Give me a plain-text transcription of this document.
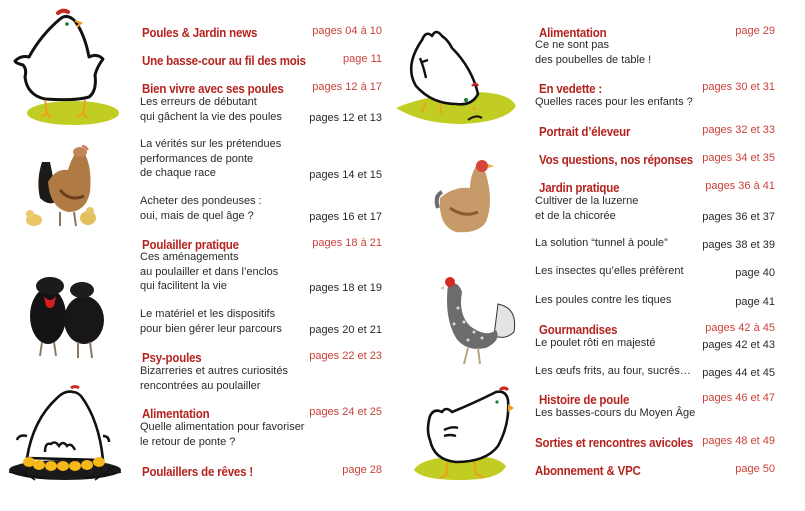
Poules & Jardin news	pages 04 à 10
Une basse-cour au fil des mois	page 11
Bien vivre avec ses poules	pages 12 à 17
Les erreurs de débutant
qui gâchent la vie des poules	pages 12 et 13
La vérités sur les prétendues
performances de ponte
de chaque race	pages 14 et 15
Acheter des pondeuses :
oui, mais de quel âge ?	pages 16 et 17
Poulailler pratique	pages 18 à 21
Ces aménagements
au poulailler et dans l’enclos
qui facilitent la vie	pages 18 et 19
Le matériel et les dispositifs
pour bien gérer leur parcours	pages 20 et 21
Psy-poules	pages 22 et 23
Bizarreries et autres curiosités
rencontrées au poulailler
Alimentation	pages 24 et 25
Quelle alimentation pour favoriser
le retour de ponte ?
Poulaillers de rêves !	page 28
Alimentation	page 29
Ce ne sont pas
des poubelles de table !
En vedette :	pages 30 et 31
Quelles races pour les enfants ?
Portrait d’éleveur	pages 32 et 33
Vos questions, nos réponses pages 34 et 35
Jardin pratique	pages 36 à 41
Cultiver de la luzerne
et de la chicorée	pages 36 et 37
La solution “tunnel à poule”	pages 38 et 39
Les insectes qu’elles préfèrent	page 40
Les poules contre les tiques	page 41
Gourmandises	pages 42 à 45
Le poulet rôti en majesté	pages 42 et 43
Les œufs frits, au four, sucrés…	pages 44 et 45
Histoire de poule	pages 46 et 47
Les basses-cours du Moyen Âge
Sorties et rencontres avicoles pages 48 et 49
Abonnement & VPC	page 50
